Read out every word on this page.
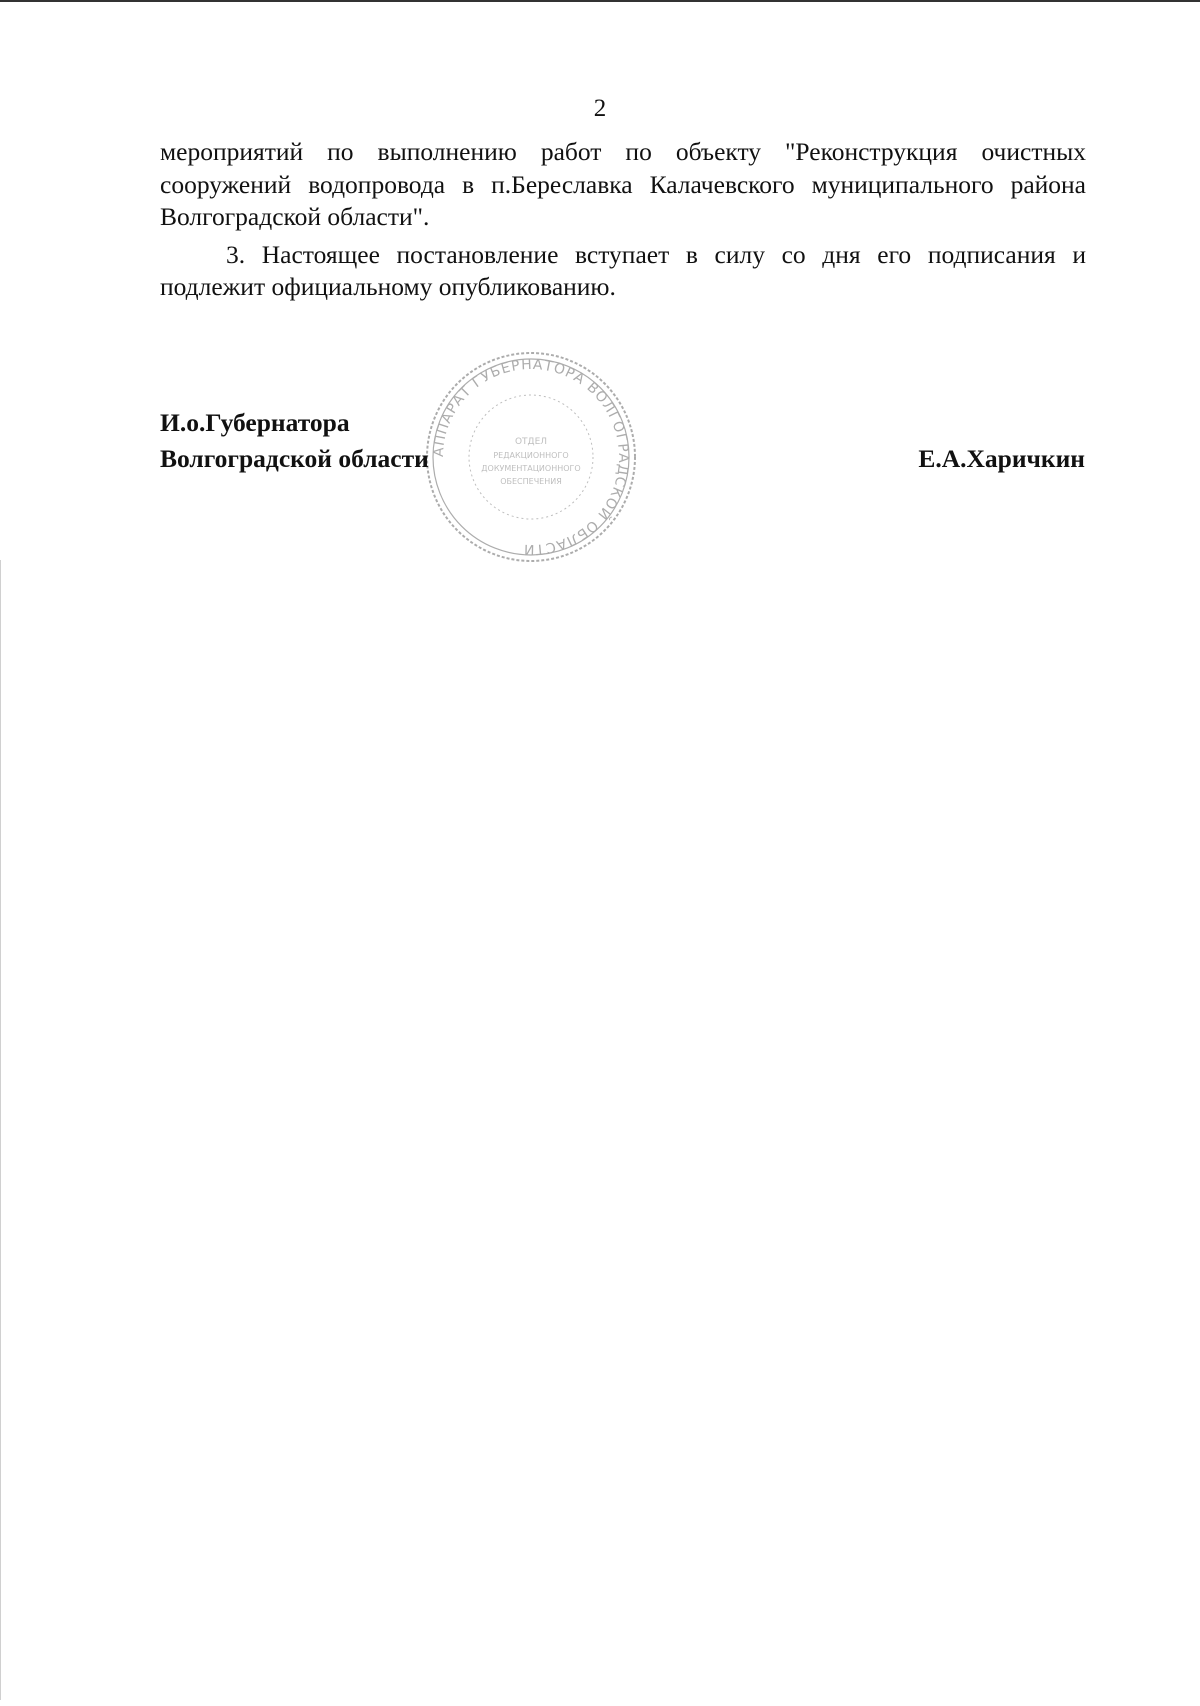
2

мероприятий по выполнению работ по объекту "Реконструкция очистных сооружений водопровода в п.Береславка Калачевского муниципального района Волгоградской области".

3. Настоящее постановление вступает в силу со дня его подписания и подлежит официальному опубликованию.

АППАРАТ ГУБЕРНАТОРА ВОЛГОГРАДСКОЙ ОБЛАСТИ
ОТДЕЛ
РЕДАКЦИОННОГО
ДОКУМЕНТАЦИОННОГО
ОБЕСПЕЧЕНИЯ
И.о.Губернатора
Волгоградской области	Е.А.Харичкин
